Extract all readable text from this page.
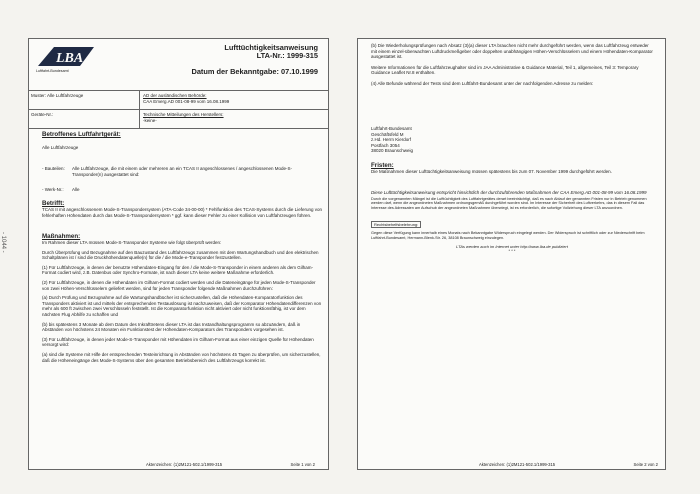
- 1044 -
LBA
Luftfahrt-Bundesamt
Lufttüchtigkeitsanweisung
LTA-Nr.: 1999-315
Datum der Bekanntgabe: 07.10.1999
Muster: Alle Luftfahrzeuge	AD der ausländischen Behörde:
CAA Emerg.AD 001-08-99 vom 16.08.1999
Geräte-Nr.:	Technische Mitteilungen des Herstellers:
-keine-
Betroffenes Luftfahrtgerät:
Alle Luftfahrzeuge
- Bauteilen:	Alle Luftfahrzeuge, die mit einem oder mehreren an ein TCAS II angeschlossenes / angeschlossenen Mode-S-Transponder(n) ausgestattet sind:
- Werk-Nr.:	Alle
Betrifft:
TCAS II mit angeschlossenem Mode-S-Transpondersystem (ATA-Code 34-00-00) * Fehlfunktion des TCAS-Systems durch die Lieferung von fehlerhaften Höhendaten durch das Mode-S-Transpondersystem * ggf. kann dieser Fehler zu einer Kollision von Luftfahrzeugen führen.
Maßnahmen:
Im Rahmen dieser LTA müssen Mode-S-Transponder Systeme wie folgt überprüft werden:
Durch Überprüfung und Bezugnahme auf den Bauzustand des Luftfahrzeugs zusammen mit dem Wartungshandbuch und den elektrischen Schaltplänen ist / sind die Druckhöhendatenquelle(n) für die / die Mode-e-Transponder festzustellen.
(1) Für Luftfahrzeuge, in denen der benutzte Höhendaten-Eingang für den / die Mode-S-Transponder in einem anderen als dem Gilham-Format codiert wird, z.B. Datenbus oder Synchro-Formate, ist nach dieser LTA keine weitere Maßnahme erforderlich.
(2) Für Luftfahrzeuge, in denen die Höhendaten im Gilham-Format codiert werden und die Dateneingänge für jeden Mode-S-Transponder von zwei Höhen-Verschlüsselern geliefert werden, sind für jeden Transponder folgende Maßnahmen durchzuführen:
(a) Durch Prüfung und Bezugnahme auf die Wartungshandbücher ist sicherzustellen, daß die Höhendaten-Komparatorfunktion des Transponders aktiviert ist und mittels der entsprechenden Testauslösung ist nachzuweisen, daß der Komparator Höhendatendifferenzen von mehr als 600 ft zwischen zwei Verschlüsseln feststellt. Ist die Komparatorfunktion nicht aktiviert oder nicht funktionsfähig, ist vor dem nächsten Flug Abhilfe zu schaffen und
(b) bis spätestens 3 Monate ab dem Datum des Inkrafttretens dieser LTA ist das Instandhaltungsprogramm so abzuändern, daß in Abständen von höchstens 24 Monaten ein Funktionstest der Höhendaten-Komparators des Transponders vorgesehen ist.
(3) Für Luftfahrzeuge, in denen jeder Mode-S-Transponder mit Höhendaten im Gilham-Format aus einer einzigen Quelle für Höhendaten versorgt wird:
(a) sind die Systeme mit Hilfe der entsprechenden Testeinrichtung in Abständen von höchstens 45 Tagen zu überprüfen, um sicherzustellen, daß die Höheneingänge des Mode-S-Systems über den gesamten Betriebsbereich des Luftfahrzeugs korrekt ist.
Aktenzeichen: (1)2M121-502.1/1999-315	Seite 1 von 2
(b) Die Wiederholungsprüfungen nach Absatz (3)(a) dieser LTA brauchen nicht mehr durchgeführt werden, wenn das Luftfahrzeug entweder mit einem einzel-überwachten Luftdruckmeßgeber oder doppelten unabhängigen Höhen-Verschlüsselern und einem Höhendaten-Komparator ausgestattet ist.
Weitere Informationen für die Luftfahrzeughalter sind im JAA Administrative & Guidance Material, Teil 1, allgemeines, Teil 3: Temporary Guidance Leaflet Nr.8 enthalten.
(4) Alle Befunde während der Tests sind dem Luftfahrt-Bundesamt unter der nachfolgenden Adresse zu melden:
Luftfahrt-Bundesamt
Geschäftsfeld M
z.Hd. Herrn Kierdorf
Postfach 3054
38020 Braunschweig
Fristen:
Die Maßnahmen dieser Lufttüchtigkeitsanweisung müssen spätestens bis zum 07. November 1999 durchgeführt werden.
Diese Lufttüchtigkeitsanweisung entspricht hinsichtlich der durchzuführenden Maßnahmen der CAA Emerg.AD 001-08-99 vom 16.08.1999
Durch die vorgenannten Mängel ist die Lufttüchtigkeit des Luftfahrtgerätes derart beeinträchtigt, daß es nach Ablauf der genannten Fristen nur in Betrieb genommen werden darf, wenn die angeordneten Maßnahmen ordnungsgemäß durchgeführt worden sind. Im Interesse der Sicherheit des Luftverkehrs, das in diesem Fall das Interesse des Adressaten am Aufschub der angeordneten Maßnahmen überwiegt, ist es erforderlich, die sofortige Vollziehung dieser LTA anzuordnen.
Rechtsbehelfsbelehrung:
Gegen diese Verfügung kann innerhalb eines Monats nach Bekanntgabe Widerspruch eingelegt werden. Der Widerspruch ist schriftlich oder zur Niederschrift beim Luftfahrt-Bundesamt, Hermann-Blenk-Str. 26, 38108 Braunschweig einzulegen.
LTAs werden auch im Internet unter http://www.lba.de publiziert
* * *
Aktenzeichen: (1)2M121-502.1/1999-315	Seite 2 von 2
